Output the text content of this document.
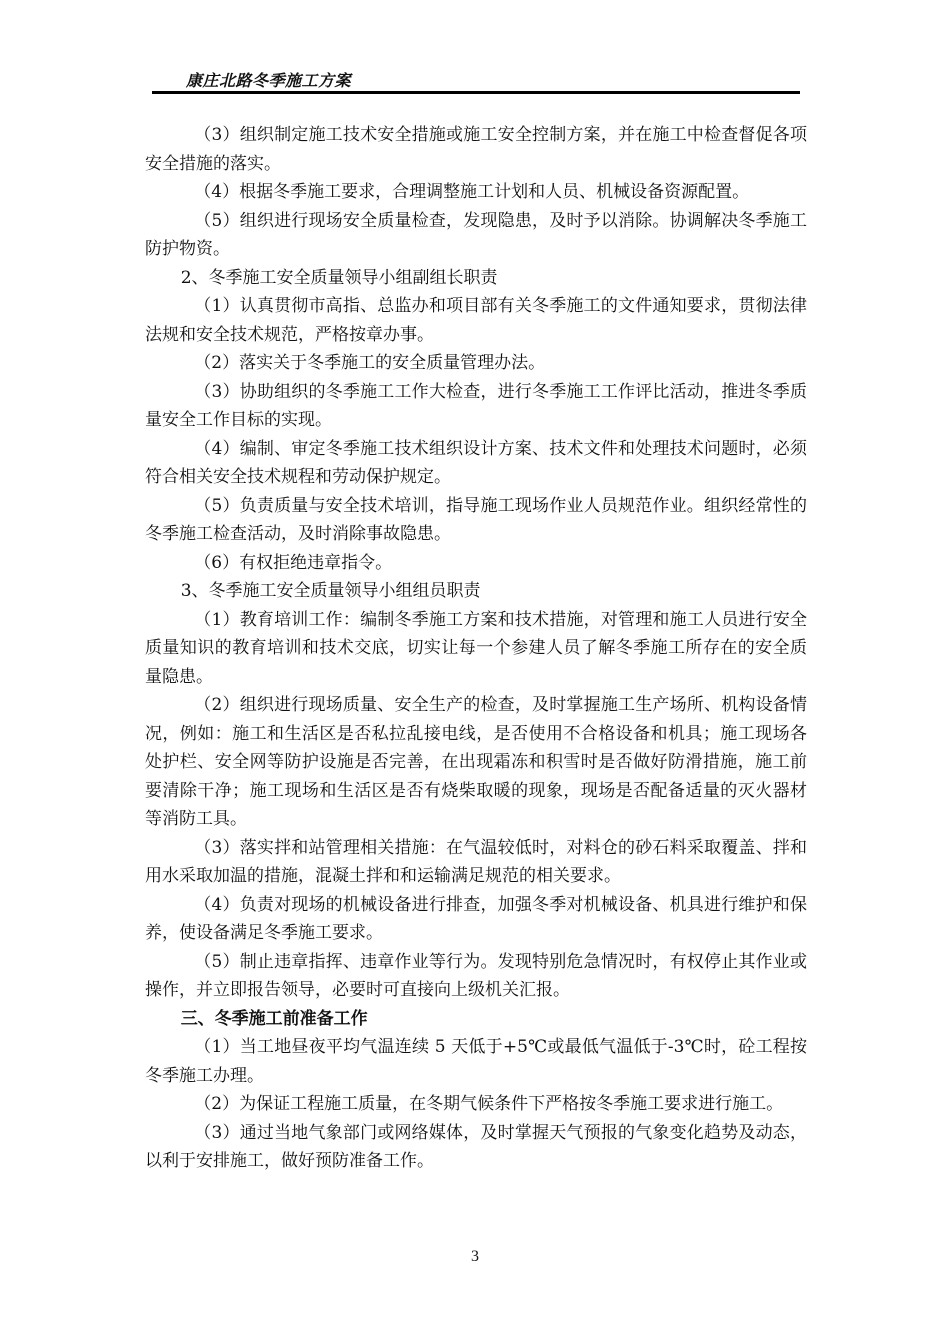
康庄北路冬季施工方案

（3）组织制定施工技术安全措施或施工安全控制方案，并在施工中检查督促各项安全措施的落实。

（4）根据冬季施工要求，合理调整施工计划和人员、机械设备资源配置。

（5）组织进行现场安全质量检查，发现隐患，及时予以消除。协调解决冬季施工防护物资。

2、冬季施工安全质量领导小组副组长职责

（1）认真贯彻市高指、总监办和项目部有关冬季施工的文件通知要求，贯彻法律法规和安全技术规范，严格按章办事。

（2）落实关于冬季施工的安全质量管理办法。

（3）协助组织的冬季施工工作大检查，进行冬季施工工作评比活动，推进冬季质量安全工作目标的实现。

（4）编制、审定冬季施工技术组织设计方案、技术文件和处理技术问题时，必须符合相关安全技术规程和劳动保护规定。

（5）负责质量与安全技术培训，指导施工现场作业人员规范作业。组织经常性的冬季施工检查活动，及时消除事故隐患。

（6）有权拒绝违章指令。

3、冬季施工安全质量领导小组组员职责

（1）教育培训工作：编制冬季施工方案和技术措施，对管理和施工人员进行安全质量知识的教育培训和技术交底，切实让每一个参建人员了解冬季施工所存在的安全质量隐患。

（2）组织进行现场质量、安全生产的检查，及时掌握施工生产场所、机构设备情况，例如：施工和生活区是否私拉乱接电线，是否使用不合格设备和机具；施工现场各处护栏、安全网等防护设施是否完善，在出现霜冻和积雪时是否做好防滑措施，施工前要清除干净；施工现场和生活区是否有烧柴取暖的现象，现场是否配备适量的灭火器材等消防工具。

（3）落实拌和站管理相关措施：在气温较低时，对料仓的砂石料采取覆盖、拌和用水采取加温的措施，混凝土拌和和运输满足规范的相关要求。

（4）负责对现场的机械设备进行排查，加强冬季对机械设备、机具进行维护和保养，使设备满足冬季施工要求。

（5）制止违章指挥、违章作业等行为。发现特别危急情况时，有权停止其作业或操作，并立即报告领导，必要时可直接向上级机关汇报。

三、冬季施工前准备工作

（1）当工地昼夜平均气温连续 5 天低于+5℃或最低气温低于-3℃时，砼工程按冬季施工办理。

（2）为保证工程施工质量，在冬期气候条件下严格按冬季施工要求进行施工。

（3）通过当地气象部门或网络媒体，及时掌握天气预报的气象变化趋势及动态，以利于安排施工，做好预防准备工作。

3
